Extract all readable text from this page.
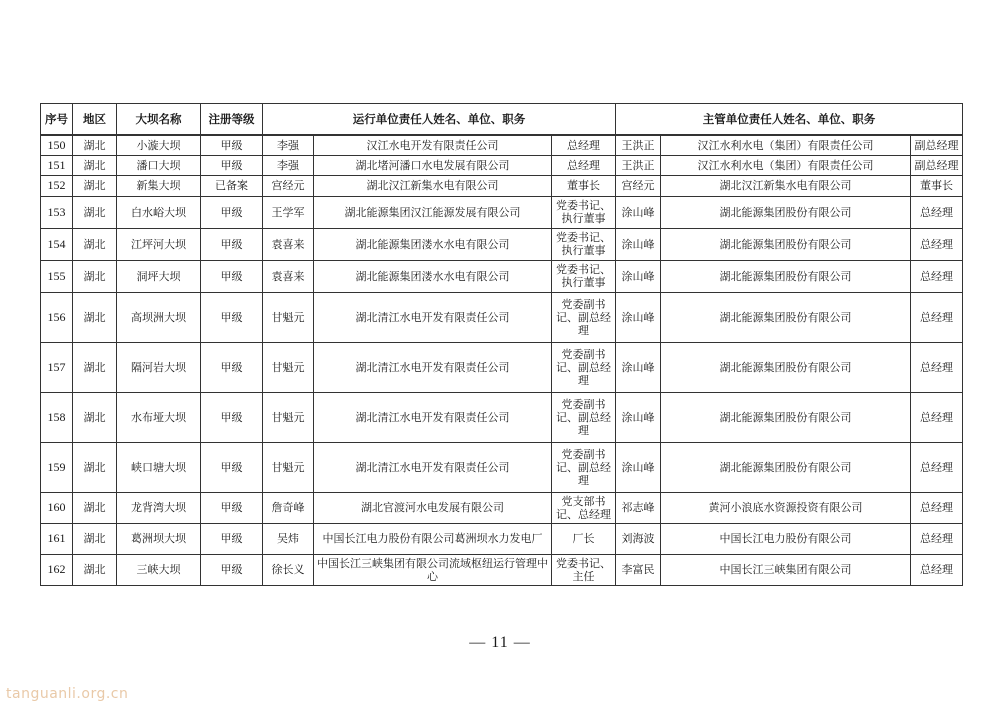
序号	地区	大坝名称	注册等级	运行单位责任人姓名、单位、职务			主管单位责任人姓名、单位、职务		
150	湖北	小漩大坝	甲级	李强	汉江水电开发有限责任公司	总经理	王洪正	汉江水利水电（集团）有限责任公司	副总经理
151	湖北	潘口大坝	甲级	李强	湖北堵河潘口水电发展有限公司	总经理	王洪正	汉江水利水电（集团）有限责任公司	副总经理
152	湖北	新集大坝	已备案	宫经元	湖北汉江新集水电有限公司	董事长	宫经元	湖北汉江新集水电有限公司	董事长
153	湖北	白水峪大坝	甲级	王学军	湖北能源集团汉江能源发展有限公司	党委书记、执行董事	涂山峰	湖北能源集团股份有限公司	总经理
154	湖北	江坪河大坝	甲级	袁喜来	湖北能源集团溇水水电有限公司	党委书记、执行董事	涂山峰	湖北能源集团股份有限公司	总经理
155	湖北	洞坪大坝	甲级	袁喜来	湖北能源集团溇水水电有限公司	党委书记、执行董事	涂山峰	湖北能源集团股份有限公司	总经理
156	湖北	高坝洲大坝	甲级	甘魁元	湖北清江水电开发有限责任公司	党委副书记、副总经理	涂山峰	湖北能源集团股份有限公司	总经理
157	湖北	隔河岩大坝	甲级	甘魁元	湖北清江水电开发有限责任公司	党委副书记、副总经理	涂山峰	湖北能源集团股份有限公司	总经理
158	湖北	水布垭大坝	甲级	甘魁元	湖北清江水电开发有限责任公司	党委副书记、副总经理	涂山峰	湖北能源集团股份有限公司	总经理
159	湖北	峡口塘大坝	甲级	甘魁元	湖北清江水电开发有限责任公司	党委副书记、副总经理	涂山峰	湖北能源集团股份有限公司	总经理
160	湖北	龙背湾大坝	甲级	詹奇峰	湖北官渡河水电发展有限公司	党支部书记、总经理	祁志峰	黄河小浪底水资源投资有限公司	总经理
161	湖北	葛洲坝大坝	甲级	吴炜	中国长江电力股份有限公司葛洲坝水力发电厂	厂长	刘海波	中国长江电力股份有限公司	总经理
162	湖北	三峡大坝	甲级	徐长义	中国长江三峡集团有限公司流域枢纽运行管理中心	党委书记、主任	李富民	中国长江三峡集团有限公司	总经理
— 11 —
tanguanli.org.cn
